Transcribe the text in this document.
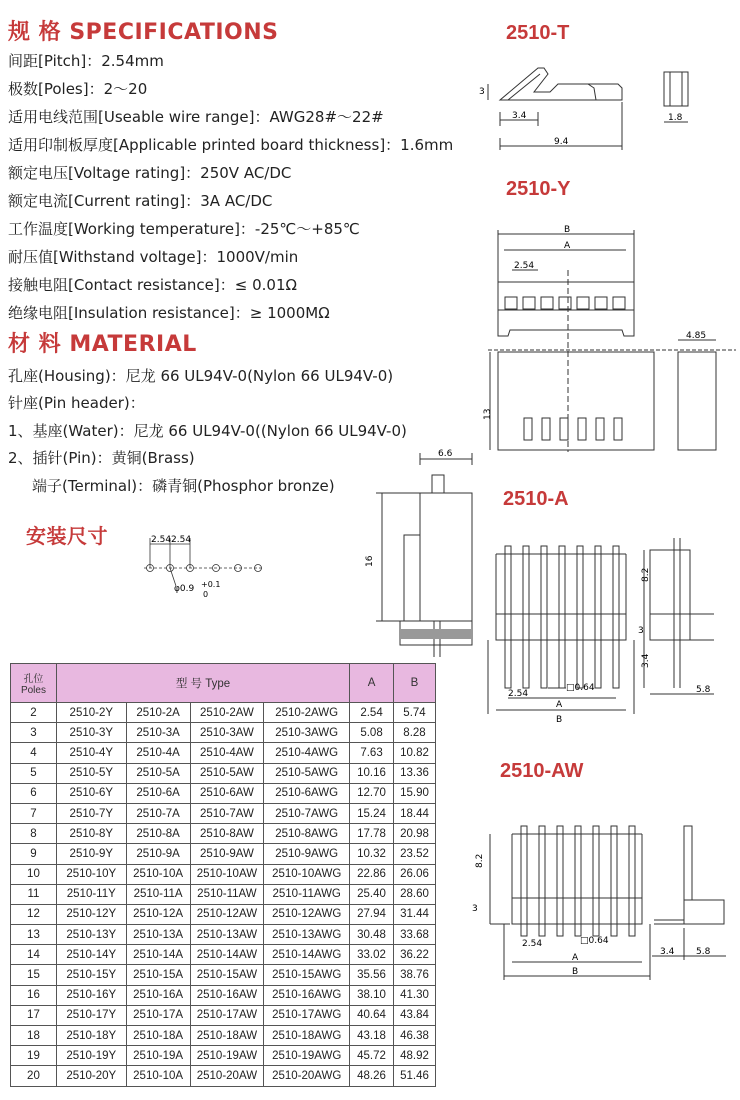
规 格 SPECIFICATIONS
间距[Pitch]：2.54mm
极数[Poles]：2～20
适用电线范围[Useable wire range]：AWG28#～22#
适用印制板厚度[Applicable printed board thickness]：1.6mm
额定电压[Voltage rating]：250V AC/DC
额定电流[Current rating]：3A AC/DC
工作温度[Working temperature]：-25℃～+85℃
耐压值[Withstand voltage]：1000V/min
接触电阻[Contact resistance]：≤ 0.01Ω
绝缘电阻[Insulation resistance]：≥ 1000MΩ
材 料 MATERIAL
孔座(Housing)：尼龙 66 UL94V-0(Nylon 66 UL94V-0)
针座(Pin header)：
1、基座(Water)：尼龙 66 UL94V-0((Nylon 66 UL94V-0)
2、插针(Pin)：黄铜(Brass)
端子(Terminal)：磷青铜(Phosphor bronze)
安装尺寸	2.54 2.54
φ0.9 +0.1
0
6.6
16
2510-T
3
3.4
9.4
1.8
2510-Y
B
A
2.54
4.85
13
2510-A
8.2
3
3.4
2.54
□0.64
A
B
5.8
2510-AW
8.2
3
2.54	□0.64
A
B
3.4 5.8
孔位
Poles	型 号 Type				A	B
2	2510-2Y	2510-2A	2510-2AW	2510-2AWG	2.54	5.74
3	2510-3Y	2510-3A	2510-3AW	2510-3AWG	5.08	8.28
4	2510-4Y	2510-4A	2510-4AW	2510-4AWG	7.63	10.82
5	2510-5Y	2510-5A	2510-5AW	2510-5AWG	10.16	13.36
6	2510-6Y	2510-6A	2510-6AW	2510-6AWG	12.70	15.90
7	2510-7Y	2510-7A	2510-7AW	2510-7AWG	15.24	18.44
8	2510-8Y	2510-8A	2510-8AW	2510-8AWG	17.78	20.98
9	2510-9Y	2510-9A	2510-9AW	2510-9AWG	10.32	23.52
10	2510-10Y	2510-10A	2510-10AW	2510-10AWG	22.86	26.06
11	2510-11Y	2510-11A	2510-11AW	2510-11AWG	25.40	28.60
12	2510-12Y	2510-12A	2510-12AW	2510-12AWG	27.94	31.44
13	2510-13Y	2510-13A	2510-13AW	2510-13AWG	30.48	33.68
14	2510-14Y	2510-14A	2510-14AW	2510-14AWG	33.02	36.22
15	2510-15Y	2510-15A	2510-15AW	2510-15AWG	35.56	38.76
16	2510-16Y	2510-16A	2510-16AW	2510-16AWG	38.10	41.30
17	2510-17Y	2510-17A	2510-17AW	2510-17AWG	40.64	43.84
18	2510-18Y	2510-18A	2510-18AW	2510-18AWG	43.18	46.38
19	2510-19Y	2510-19A	2510-19AW	2510-19AWG	45.72	48.92
20	2510-20Y	2510-10A	2510-20AW	2510-20AWG	48.26	51.46
